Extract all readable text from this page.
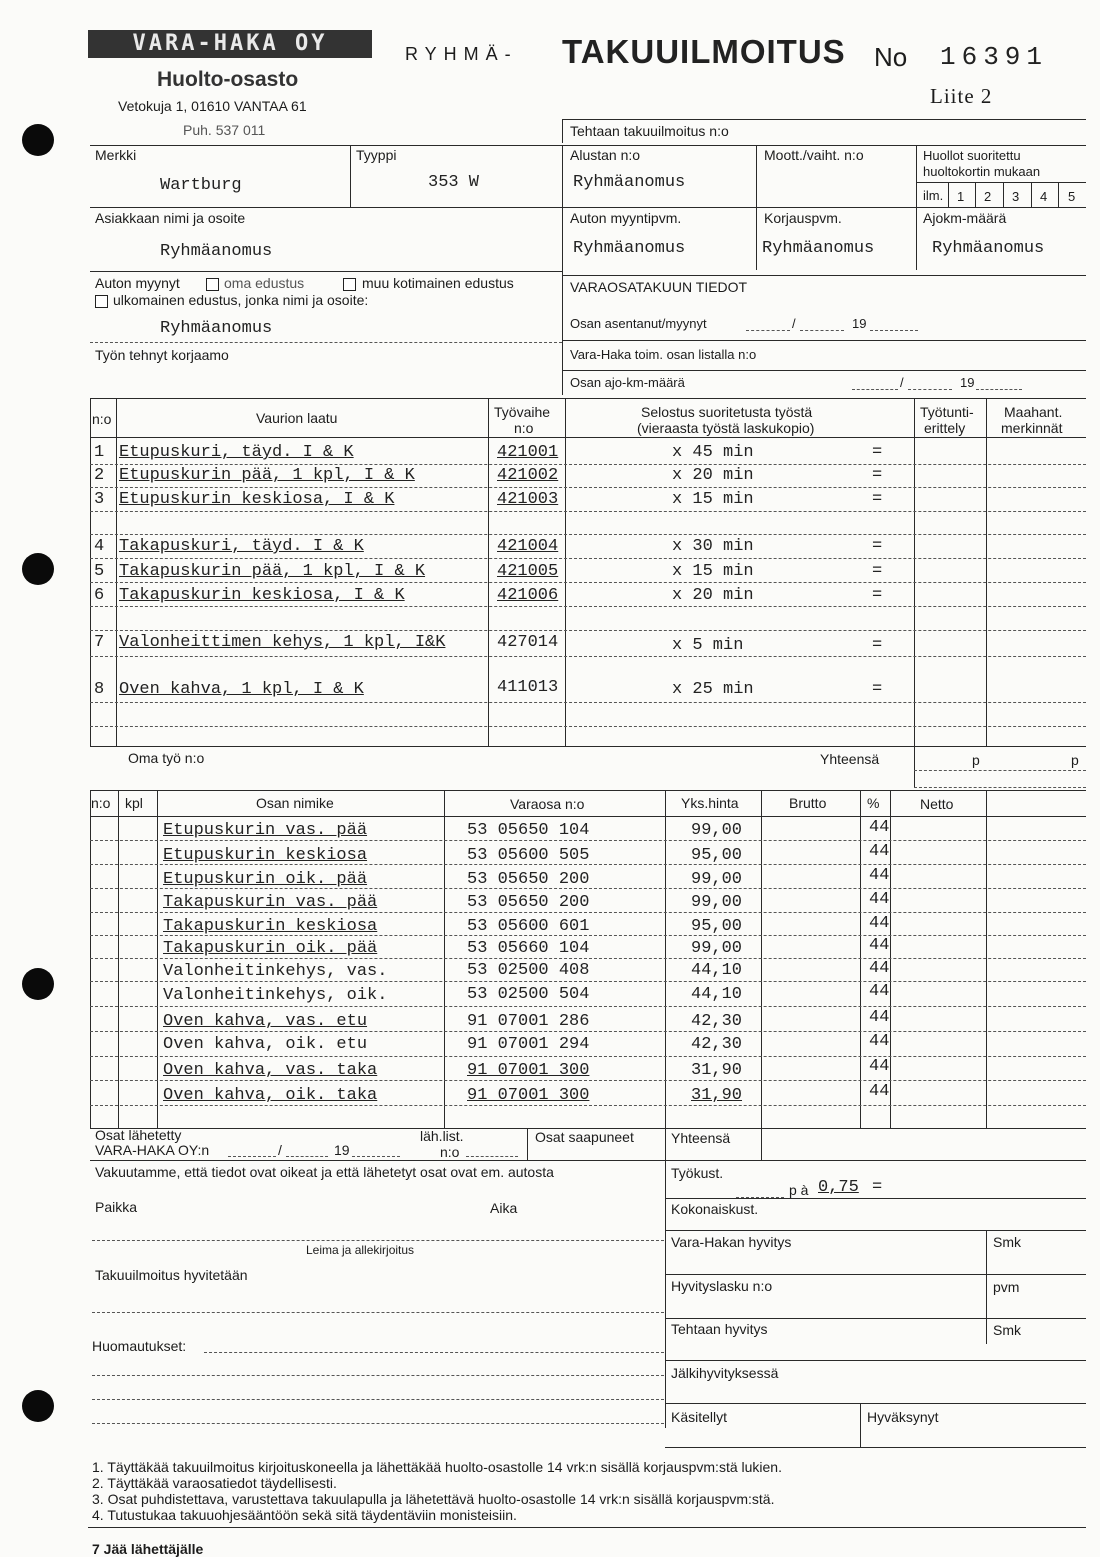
VARA-HAKA OY
Huolto-osasto
Vetokuja 1, 01610 VANTAA 61
Puh. 537 011
RYHMÄ- TAKUUILMOITUS No 16391
Liite 2
Tehtaan takuuilmoitus n:o
Merkki
Wartburg
Tyyppi
353 W
Alustan n:o
Ryhmäanomus
Moott./vaiht. n:o	Huollot suoritettu
huoltokortin mukaan
ilm. 1 2 3 4 5
Asiakkaan nimi ja osoite
Ryhmäanomus
Auton myyntipvm.
Ryhmäanomus
Korjauspvm.
Ryhmäanomus
Ajokm-määrä
Ryhmäanomus
Auton myynyt	oma edustus	muu kotimainen edustus
ulkomainen edustus, jonka nimi ja osoite:
Ryhmäanomus
Työn tehnyt korjaamo
VARAOSATAKUUN TIEDOT
Osan asentanut/myynyt	/	19
Vara-Haka toim. osan listalla n:o
Osan ajo-km-määrä	/	19
n:o	Vaurion laatu	Työvaihe
n:o
Selostus suoritetusta työstä
(vieraasta työstä laskukopio)
Työtunti-
erittely
Maahant.
merkinnät
1 Etupuskuri, täyd. I & K	421001	x 45 min	=
2 Etupuskurin pää, 1 kpl, I & K	421002	x 20 min	=
3 Etupuskurin keskiosa, I & K	421003	x 15 min	=
4 Takapuskuri, täyd. I & K	421004	x 30 min	=
5 Takapuskurin pää, 1 kpl, I & K	421005	x 15 min	=
6 Takapuskurin keskiosa, I & K	421006	x 20 min	=
7 Valonheittimen kehys, 1 kpl, I&K	427014	x 5 min	=
8 Oven kahva, 1 kpl, I & K	411013	x 25 min	=
Oma työ n:o	Yhteensä	p	p
n:o kpl	Osan nimike	Varaosa n:o	Yks.hinta	Brutto	%	Netto
Etupuskurin vas. pää	53 05650 104	99,00	44
Etupuskurin keskiosa	53 05600 505	95,00	44
Etupuskurin oik. pää	53 05650 200	99,00	44
Takapuskurin vas. pää	53 05650 200	99,00	44
Takapuskurin keskiosa	53 05600 601	95,00	44
Takapuskurin oik. pää	53 05660 104	99,00	44
Valonheitinkehys, vas.	53 02500 408	44,10	44
Valonheitinkehys, oik.	53 02500 504	44,10	44
Oven kahva, vas. etu	91 07001 286	42,30	44
Oven kahva, oik. etu	91 07001 294	42,30	44
Oven kahva, vas. taka	91 07001 300	31,90	44
Oven kahva, oik. taka	91 07001 300	31,90	44
Osat lähetetty
VARA-HAKA OY:n	/	19
läh.list.
n:o
Osat saapuneet	Yhteensä
Vakuutamme, että tiedot ovat oikeat ja että lähetetyt osat ovat em. autosta	Työkust.
p à 0,75 =
Paikka	Aika	Kokonaiskust.
Leima ja allekirjoitus
Takuuilmoitus hyvitetään
Vara-Hakan hyvitys	Smk
Hyvityslasku n:o	pvm
Tehtaan hyvitys	Smk
Jälkihyvityksessä
Huomautukset:
Käsitellyt	Hyväksynyt
1. Täyttäkää takuuilmoitus kirjoituskoneella ja lähettäkää huolto-osastolle 14 vrk:n sisällä korjauspvm:stä lukien.
2. Täyttäkää varaosatiedot täydellisesti.
3. Osat puhdistettava, varustettava takuulapulla ja lähetettävä huolto-osastolle 14 vrk:n sisällä korjauspvm:stä.
4. Tutustukaa takuuohjesääntöön sekä sitä täydentäviin monisteisiin.
7 Jää lähettäjälle
